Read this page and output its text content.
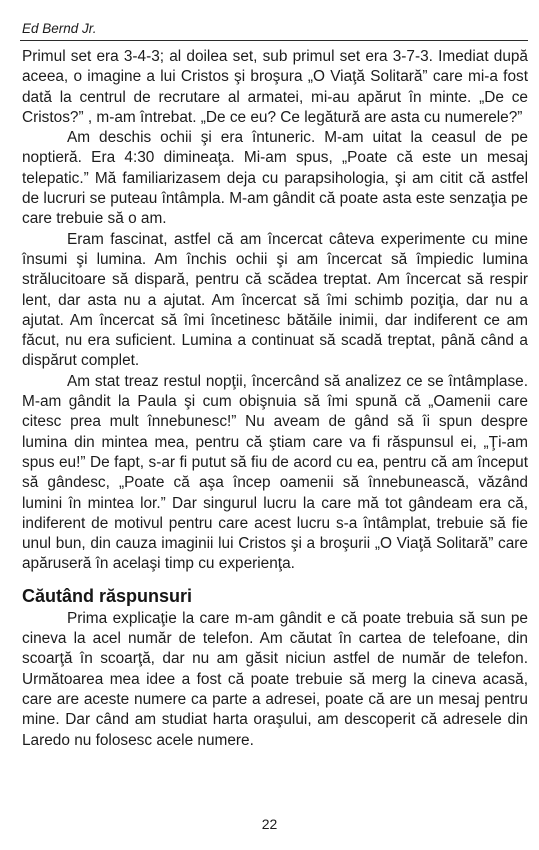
Ed Bernd Jr.

Primul set era 3-4-3; al doilea set, sub primul set era 3-7-3. Imediat după aceea, o imagine a lui Cristos şi broşura „O Viaţă Solitară” care mi-a fost dată la centrul de recrutare al armatei, mi-au apărut în minte. „De ce Cristos?” , m-am întrebat. „De ce eu? Ce legătură are asta cu numerele?”

Am deschis ochii şi era întuneric. M-am uitat la ceasul de pe noptieră. Era 4:30 dimineaţa. Mi-am spus, „Poate că este un mesaj telepatic.” Mă familiarizasem deja cu parapsihologia, şi am citit că astfel de lucruri se puteau întâmpla. M-am gândit că poate asta este senzaţia pe care trebuie să o am.

Eram fascinat, astfel că am încercat câteva experimente cu mine însumi şi lumina. Am închis ochii şi am încercat să împiedic lumina strălucitoare să dispară, pentru că scădea treptat. Am încercat să respir lent, dar asta nu a ajutat. Am încercat să îmi schimb poziţia, dar nu a ajutat. Am încercat să îmi încetinesc bătăile inimii, dar indiferent ce am făcut, nu era suficient. Lumina a continuat să scadă treptat, până când a dispărut complet.

Am stat treaz restul nopţii, încercând să analizez ce se întâmplase. M-am gândit la Paula şi cum obişnuia să îmi spună că „Oamenii care citesc prea mult înnebunesc!” Nu aveam de gând să îi spun despre lumina din mintea mea, pentru că ştiam care va fi răspunsul ei, „Ţi-am spus eu!” De fapt, s-ar fi putut să fiu de acord cu ea, pentru că am început să gândesc, „Poate că aşa încep oamenii să înnebunească, văzând lumini în mintea lor.” Dar singurul lucru la care mă tot gândeam era că, indiferent de motivul pentru care acest lucru s-a întâmplat, trebuie să fie unul bun, din cauza imaginii lui Cristos şi a broşurii „O Viaţă Solitară” care apăruseră în acelaşi timp cu experienţa.

Căutând răspunsuri

Prima explicaţie la care m-am gândit e că poate trebuia să sun pe cineva la acel număr de telefon. Am căutat în cartea de telefoane, din scoarţă în scoarţă, dar nu am găsit niciun astfel de număr de telefon. Următoarea mea idee a fost că poate trebuie să merg la cineva acasă, care are aceste numere ca parte a adresei, poate că are un mesaj pentru mine. Dar când am studiat harta oraşului, am descoperit că adresele din Laredo nu folosesc acele numere.

22
